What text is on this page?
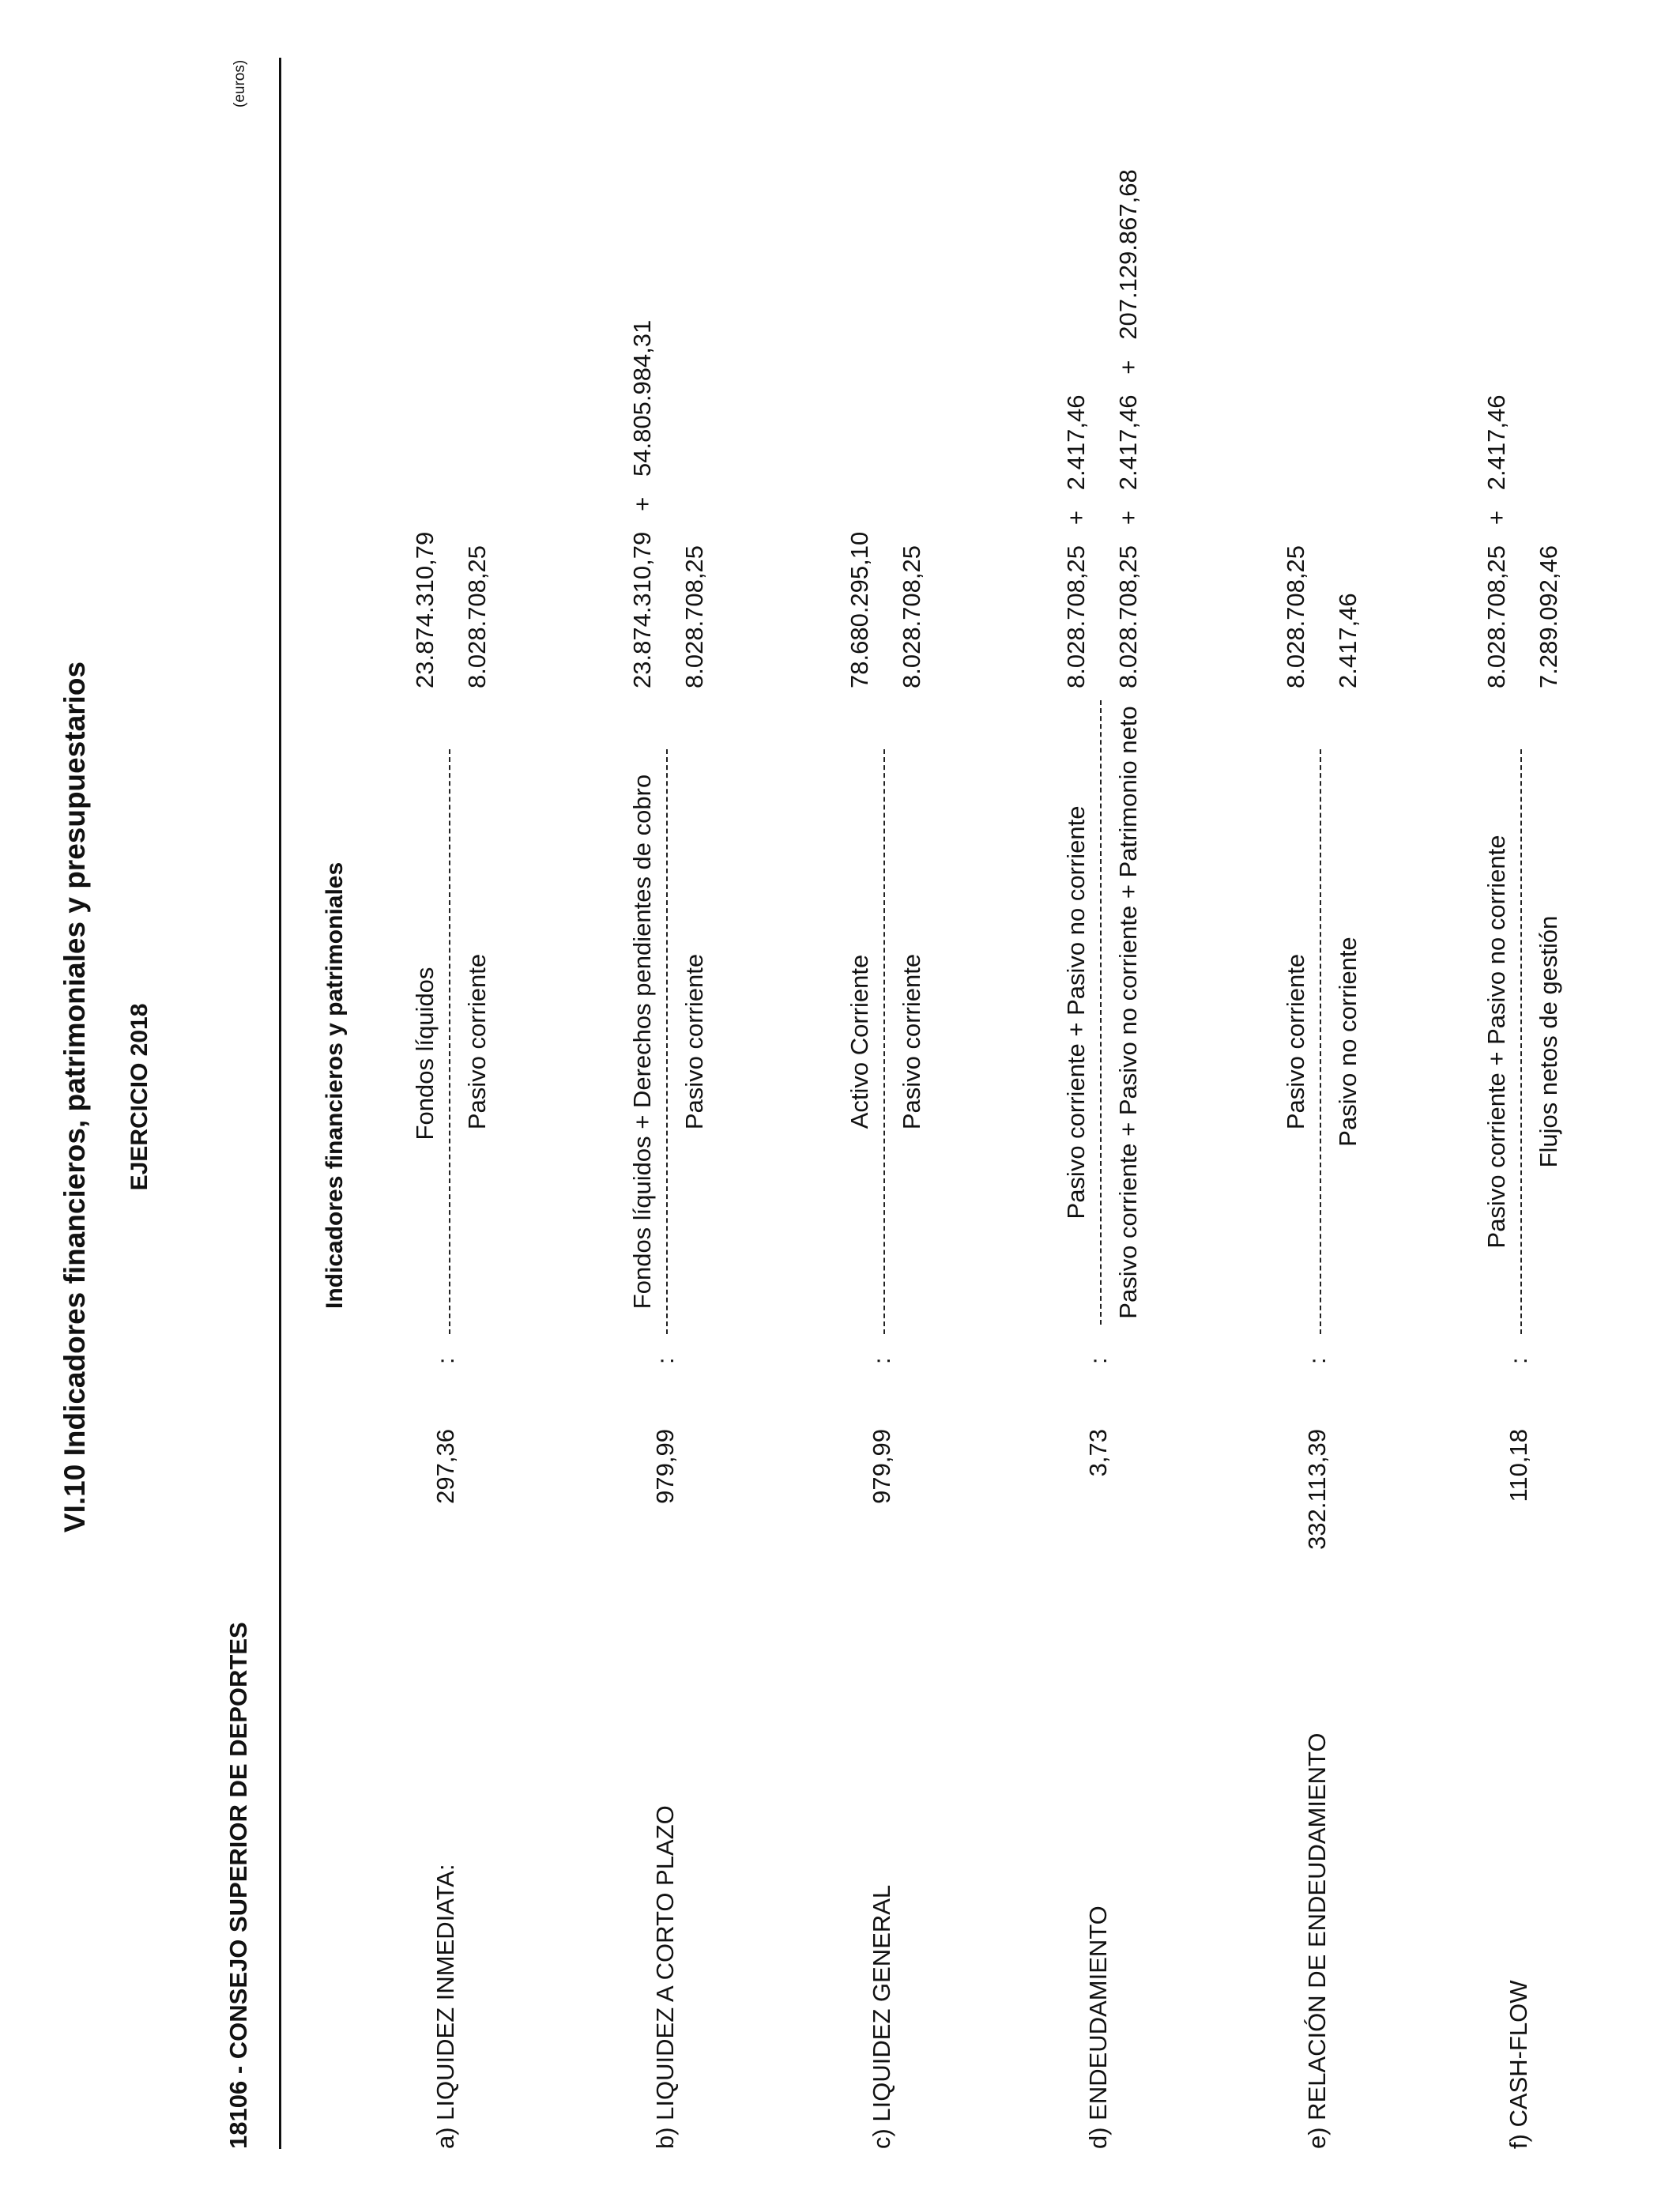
VI.10 Indicadores financieros, patrimoniales y presupuestarios EJERCICIO 2018
18106 - CONSEJO SUPERIOR DE DEPORTES
(euros)
Indicadores financieros y patrimoniales
a) LIQUIDEZ INMEDIATA:
297,36
:
Fondos líquidos Pasivo corriente
23.874.310,79 8.028.708,25
b) LIQUIDEZ A CORTO PLAZO
979,99
:
Fondos líquidos + Derechos pendientes de cobro Pasivo corriente
23.874.310,79   +   54.805.984,31 8.028.708,25
c) LIQUIDEZ GENERAL
979,99
:
Activo Corriente Pasivo corriente
78.680.295,10 8.028.708,25
d) ENDEUDAMIENTO
3,73
:
Pasivo corriente + Pasivo no corriente Pasivo corriente + Pasivo no corriente + Patrimonio neto
8.028.708,25   +   2.417,46 8.028.708,25   +   2.417,46   +   207.129.867,68
e) RELACIÓN DE ENDEUDAMIENTO
332.113,39
:
Pasivo corriente Pasivo no corriente
8.028.708,25 2.417,46
f) CASH-FLOW
110,18
:
Pasivo corriente + Pasivo no corriente Flujos netos de gestión
8.028.708,25   +   2.417,46 7.289.092,46
